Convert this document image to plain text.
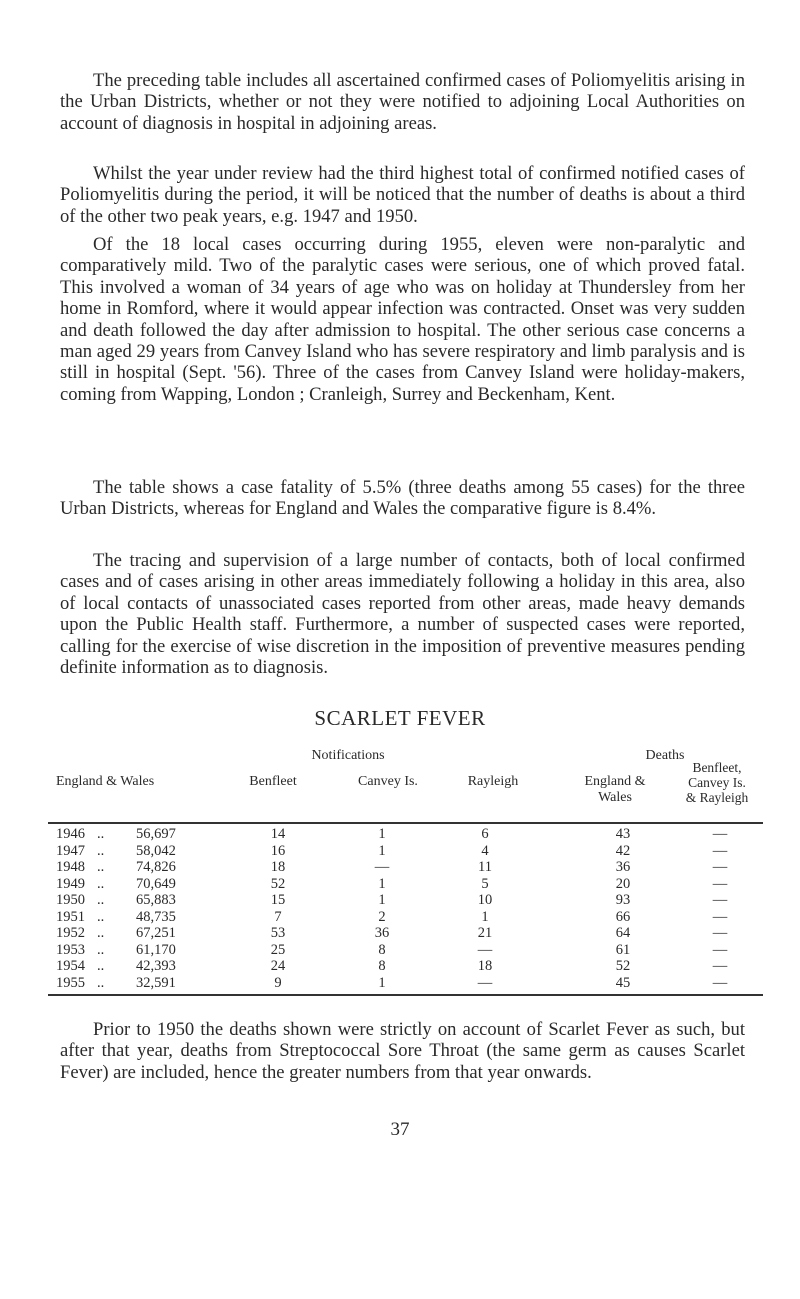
The preceding table includes all ascertained confirmed cases of Poliomyelitis arising in the Urban Districts, whether or not they were notified to adjoining Local Authorities on account of diagnosis in hospital in adjoining areas.

Whilst the year under review had the third highest total of confirmed notified cases of Poliomyelitis during the period, it will be noticed that the number of deaths is about a third of the other two peak years, e.g. 1947 and 1950.

Of the 18 local cases occurring during 1955, eleven were non-paralytic and comparatively mild. Two of the paralytic cases were serious, one of which proved fatal. This involved a woman of 34 years of age who was on holiday at Thundersley from her home in Romford, where it would appear infection was contracted. Onset was very sudden and death followed the day after admission to hospital. The other serious case concerns a man aged 29 years from Canvey Island who has severe respiratory and limb paralysis and is still in hospital (Sept. '56). Three of the cases from Canvey Island were holiday-makers, coming from Wapping, London ; Cranleigh, Surrey and Beckenham, Kent.

The table shows a case fatality of 5.5% (three deaths among 55 cases) for the three Urban Districts, whereas for England and Wales the comparative figure is 8.4%.

The tracing and supervision of a large number of contacts, both of local confirmed cases and of cases arising in other areas immediately following a holiday in this area, also of local contacts of unassociated cases reported from other areas, made heavy demands upon the Public Health staff. Furthermore, a number of suspected cases were reported, calling for the exercise of wise discretion in the imposition of preventive measures pending definite information as to diagnosis.

SCARLET FEVER
Notifications	Deaths
England & Wales	Benfleet	Canvey Is.	Rayleigh	England &
Wales
Benfleet,
Canvey Is.
& Rayleigh
1946 .. 56,697	14	1	6	43	—
1947 .. 58,042	16	1	4	42	—
1948 .. 74,826	18	—	11	36	—
1949 .. 70,649	52	1	5	20	—
1950 .. 65,883	15	1	10	93	—
1951 .. 48,735	7	2	1	66	—
1952 .. 67,251	53	36	21	64	—
1953 .. 61,170	25	8	—	61	—
1954 .. 42,393	24	8	18	52	—
1955 .. 32,591	9	1	—	45	—

Prior to 1950 the deaths shown were strictly on account of Scarlet Fever as such, but after that year, deaths from Streptococcal Sore Throat (the same germ as causes Scarlet Fever) are included, hence the greater numbers from that year onwards.

37
